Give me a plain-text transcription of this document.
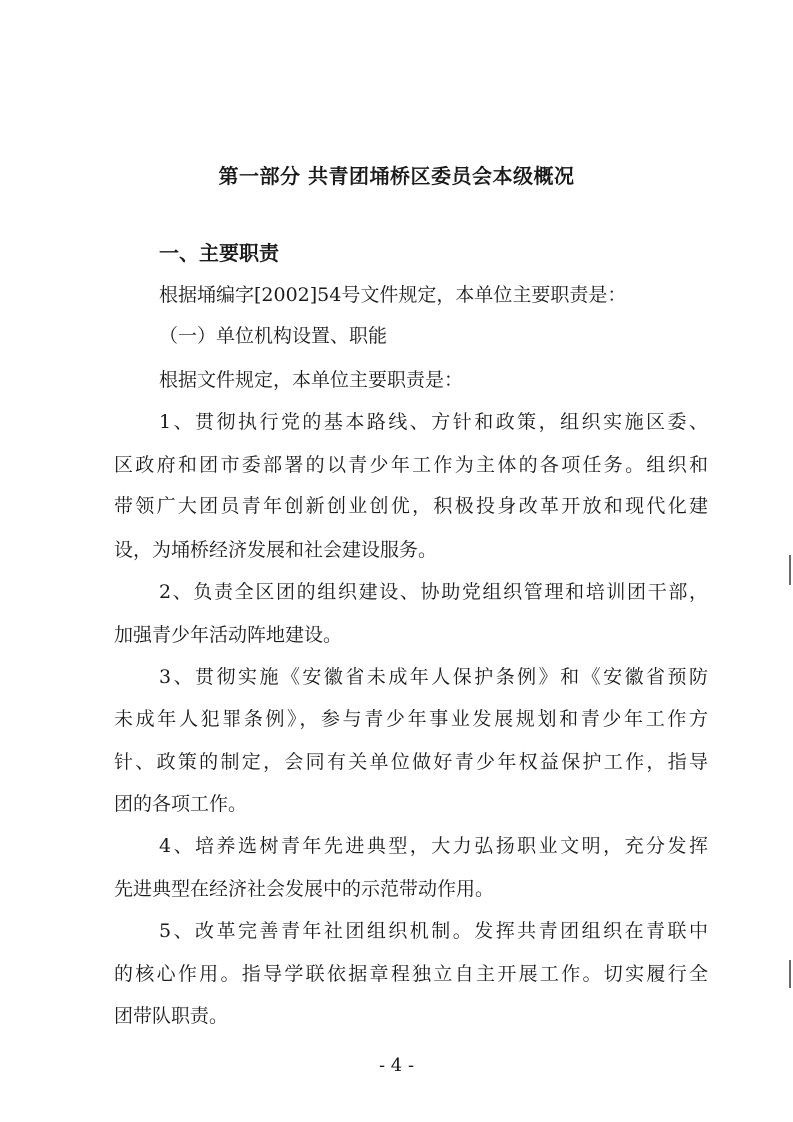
第一部分 共青团埇桥区委员会本级概况
一、主要职责
根据埇编字[2002]54号文件规定，本单位主要职责是：
（一）单位机构设置、职能
根据文件规定，本单位主要职责是：
1、贯彻执行党的基本路线、方针和政策，组织实施区委、
区政府和团市委部署的以青少年工作为主体的各项任务。组织和
带领广大团员青年创新创业创优，积极投身改革开放和现代化建
设，为埇桥经济发展和社会建设服务。
2、负责全区团的组织建设、协助党组织管理和培训团干部，
加强青少年活动阵地建设。
3、贯彻实施《安徽省未成年人保护条例》和《安徽省预防
未成年人犯罪条例》，参与青少年事业发展规划和青少年工作方
针、政策的制定，会同有关单位做好青少年权益保护工作，指导
团的各项工作。
4、培养选树青年先进典型，大力弘扬职业文明，充分发挥
先进典型在经济社会发展中的示范带动作用。
5、改革完善青年社团组织机制。发挥共青团组织在青联中
的核心作用。指导学联依据章程独立自主开展工作。切实履行全
团带队职责。
- 4 -
